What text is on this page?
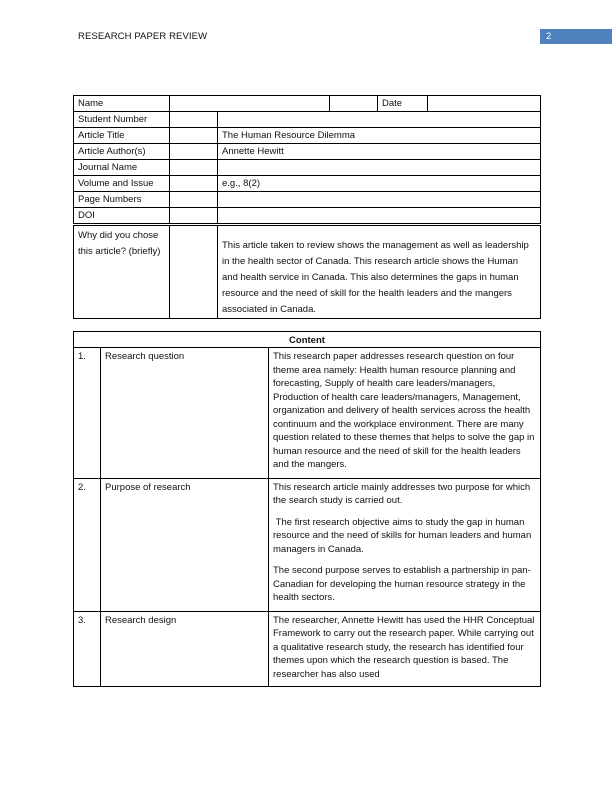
RESEARCH PAPER REVIEW	2
Name				Date	
Student Number					
Article Title		The Human Resource Dilemma			
Article Author(s)		Annette Hewitt			
Journal Name					
Volume and Issue		e.g., 8(2)			
Page Numbers					
DOI					
Why did you chose this article? (briefly)		This article taken to review shows the management as well as leadership in the health sector of Canada. This research article shows the Human and health service in Canada. This also determines the gaps in human resource and the need of skill for the health leaders and the mangers associated in Canada.			
Content		
1.	Research question	This research paper addresses research question on four theme area namely: Health human resource planning and forecasting, Supply of health care leaders/managers, Production of health care leaders/managers, Management, organization and delivery of health services across the health continuum and the workplace environment. There are many question related to these themes that helps to solve the gap in human resource and the need of skill for the health leaders and the mangers.

2.	Purpose of research	This research article mainly addresses two purpose for which the search study is carried out.

The first research objective aims to study the gap in human resource and the need of skills for human leaders and human managers in Canada.

The second purpose serves to establish a partnership in pan-Canadian for developing the human resource strategy in the health sectors.

3.	Research design	The researcher, Annette Hewitt has used the HHR Conceptual Framework to carry out the research paper. While carrying out a qualitative research study, the research has identified four themes upon which the research question is based. The researcher has also used
